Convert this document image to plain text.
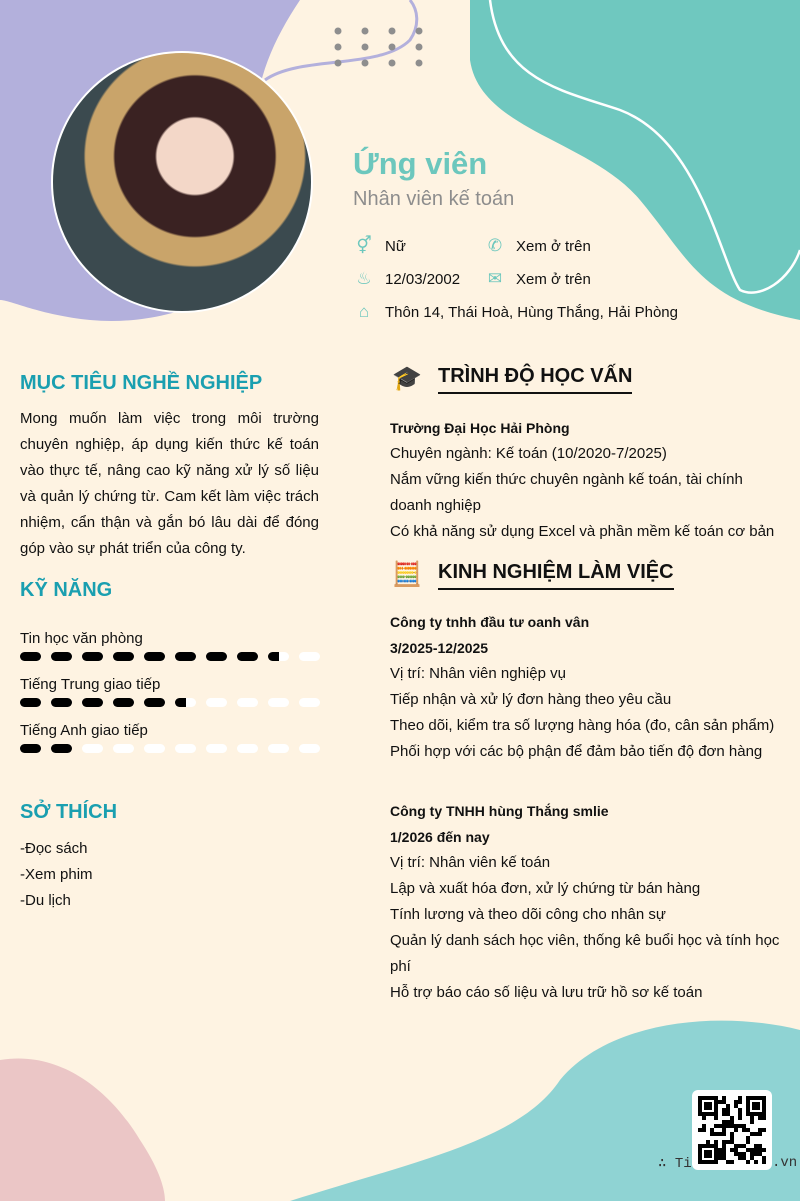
Ứng viên
Nhân viên kế toán
⚥ Nữ	✆ Xem ở trên
♨ 12/03/2002 ✉ Xem ở trên
⌂	Thôn 14, Thái Hoà, Hùng Thắng, Hải Phòng
MỤC TIÊU NGHỀ NGHIỆP
Mong muốn làm việc trong môi trường chuyên nghiệp, áp dụng kiến thức kế toán vào thực tế, nâng cao kỹ năng xử lý số liệu và quản lý chứng từ. Cam kết làm việc trách nhiệm, cẩn thận và gắn bó lâu dài để đóng góp vào sự phát triển của công ty.
KỸ NĂNG
Tin học văn phòng
Tiếng Trung giao tiếp
Tiếng Anh giao tiếp
SỞ THÍCH
-Đọc sách
-Xem phim
-Du lịch
🎓 TRÌNH ĐỘ HỌC VẤN
Trường Đại Học Hải Phòng
Chuyên ngành: Kế toán (10/2020-7/2025)
Nắm vững kiến thức chuyên ngành kế toán, tài chính doanh nghiệp
Có khả năng sử dụng Excel và phần mềm kế toán cơ bản
🧮 KINH NGHIỆM LÀM VIỆC
Công ty tnhh đầu tư oanh vân
3/2025-12/2025
Vị trí: Nhân viên nghiệp vụ
Tiếp nhận và xử lý đơn hàng theo yêu cầu
Theo dõi, kiểm tra số lượng hàng hóa (đo, cân sản phẩm)
Phối hợp với các bộ phận để đảm bảo tiến độ đơn hàng
Công ty TNHH hùng Thắng smlie
1/2026 đến nay
Vị trí: Nhân viên kế toán
Lập và xuất hóa đơn, xử lý chứng từ bán hàng
Tính lương và theo dõi công cho nhân sự
Quản lý danh sách học viên, thống kê buổi học và tính học phí
Hỗ trợ báo cáo số liệu và lưu trữ hồ sơ kế toán
∴ Ti	.vn
